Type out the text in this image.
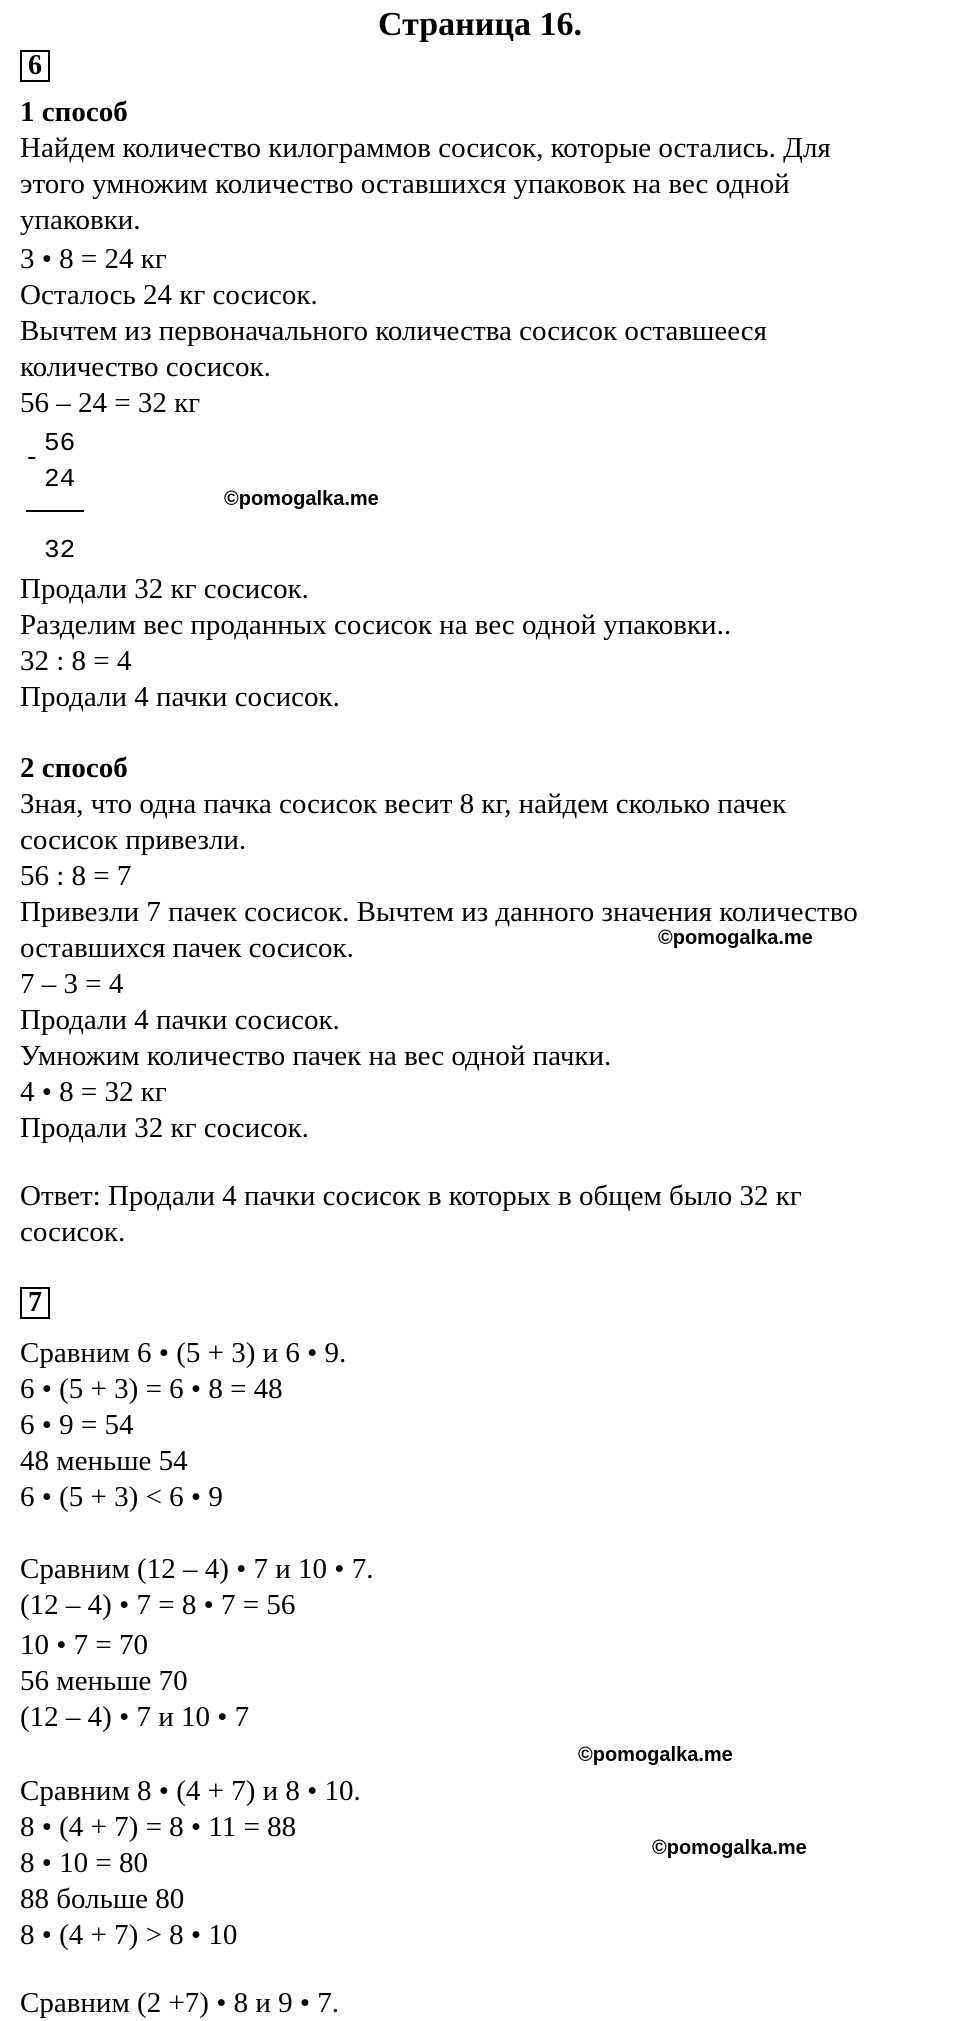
Страница 16.
6
1 способ
Найдем количество килограммов сосисок, которые остались. Для
этого умножим количество оставшихся упаковок на вес одной
упаковки.
3 • 8 = 24 кг
Осталось 24 кг сосисок.
Вычтем из первоначального количества сосисок оставшееся
количество сосисок.
56 – 24 = 32 кг
- 56
24
32
Продали 32 кг сосисок.
Разделим вес проданных сосисок на вес одной упаковки..
32 : 8 = 4
Продали 4 пачки сосисок.
2 способ
Зная, что одна пачка сосисок весит 8 кг, найдем сколько пачек
сосисок привезли.
56 : 8 = 7
Привезли 7 пачек сосисок. Вычтем из данного значения количество
оставшихся пачек сосисок.
7 – 3 = 4
Продали 4 пачки сосисок.
Умножим количество пачек на вес одной пачки.
4 • 8 = 32 кг
Продали 32 кг сосисок.
Ответ: Продали 4 пачки сосисок в которых в общем было 32 кг
сосисок.
7
Сравним 6 • (5 + 3) и 6 • 9.
6 • (5 + 3) = 6 • 8 = 48
6 • 9 = 54
48 меньше 54
6 • (5 + 3) < 6 • 9
Сравним (12 – 4) • 7 и 10 • 7.
(12 – 4) • 7 = 8 • 7 = 56
10 • 7 = 70
56 меньше 70
(12 – 4) • 7 и 10 • 7
Сравним 8 • (4 + 7) и 8 • 10.
8 • (4 + 7) = 8 • 11 = 88
8 • 10 = 80
88 больше 80
8 • (4 + 7) > 8 • 10
Сравним (2 +7) • 8 и 9 • 7.
©pomogalka.me
©pomogalka.me
©pomogalka.me
©pomogalka.me
